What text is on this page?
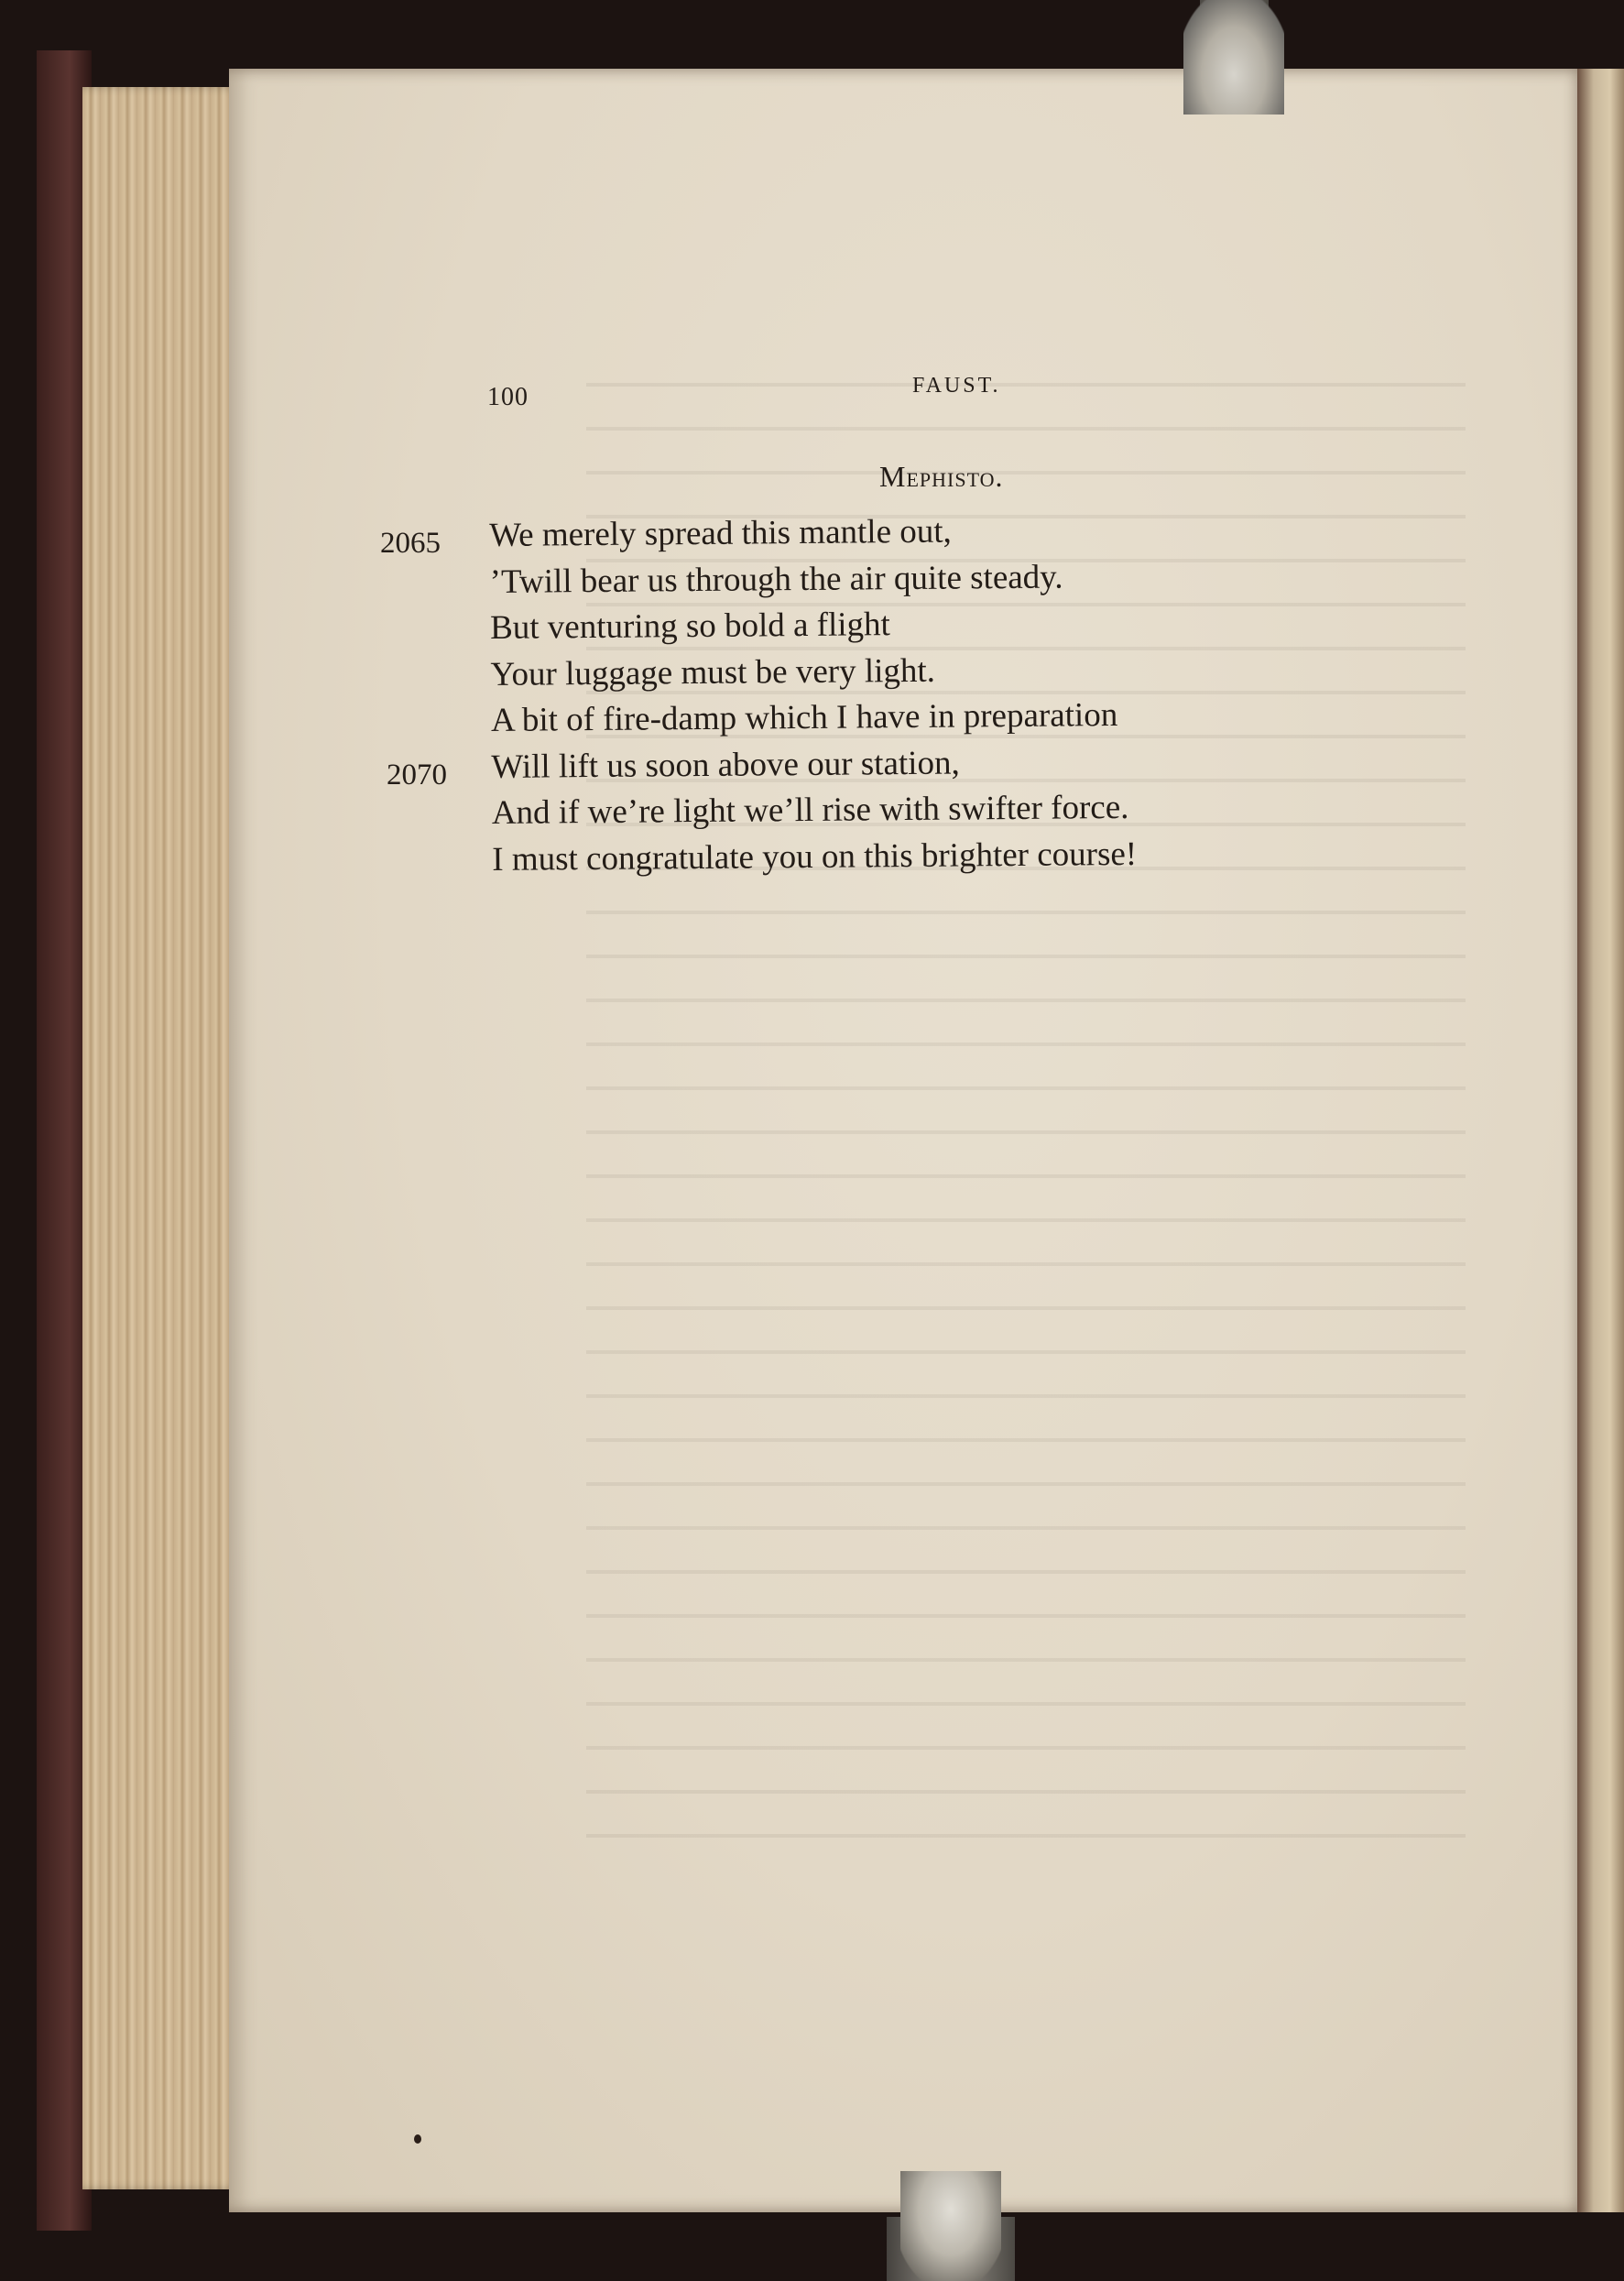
100	FAUST.
Mephisto.
2065
2070
We merely spread this mantle out,
’Twill bear us through the air quite steady.
But venturing so bold a flight
Your luggage must be very light.
A bit of fire-damp which I have in preparation
Will lift us soon above our station,
And if we’re light we’ll rise with swifter force.
I must congratulate you on this brighter course!
